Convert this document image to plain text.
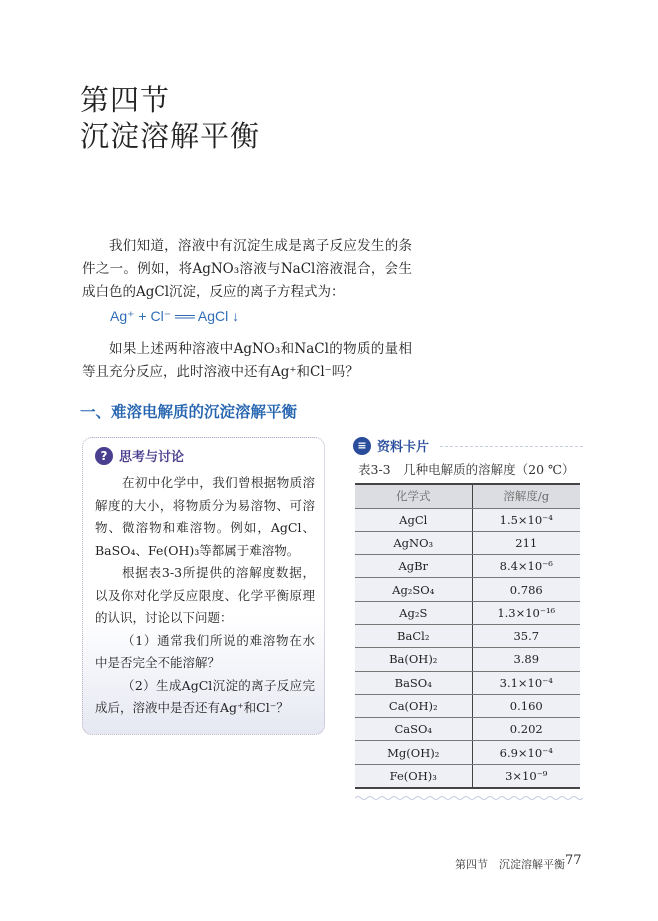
第四节
沉淀溶解平衡

我们知道，溶液中有沉淀生成是离子反应发生的条件之一。例如，将AgNO₃溶液与NaCl溶液混合，会生成白色的AgCl沉淀，反应的离子方程式为：

Ag⁺ + Cl⁻ ══ AgCl ↓

如果上述两种溶液中AgNO₃和NaCl的物质的量相等且充分反应，此时溶液中还有Ag⁺和Cl⁻吗？

一、难溶电解质的沉淀溶解平衡
? 思考与讨论

在初中化学中，我们曾根据物质溶解度的大小，将物质分为易溶物、可溶物、微溶物和难溶物。例如，AgCl、BaSO₄、Fe(OH)₃等都属于难溶物。

根据表3-3所提供的溶解度数据，以及你对化学反应限度、化学平衡原理的认识，讨论以下问题：

（1）通常我们所说的难溶物在水中是否完全不能溶解？

（2）生成AgCl沉淀的离子反应完成后，溶液中是否还有Ag⁺和Cl⁻？

≡ 资料卡片
表3-3　几种电解质的溶解度（20 ℃）
化学式	溶解度/g
AgCl	1.5×10⁻⁴
AgNO₃	211
AgBr	8.4×10⁻⁶
Ag₂SO₄	0.786
Ag₂S	1.3×10⁻¹⁶
BaCl₂	35.7
Ba(OH)₂	3.89
BaSO₄	3.1×10⁻⁴
Ca(OH)₂	0.160
CaSO₄	0.202
Mg(OH)₂	6.9×10⁻⁴
Fe(OH)₃	3×10⁻⁹
第四节　沉淀溶解平衡 77
